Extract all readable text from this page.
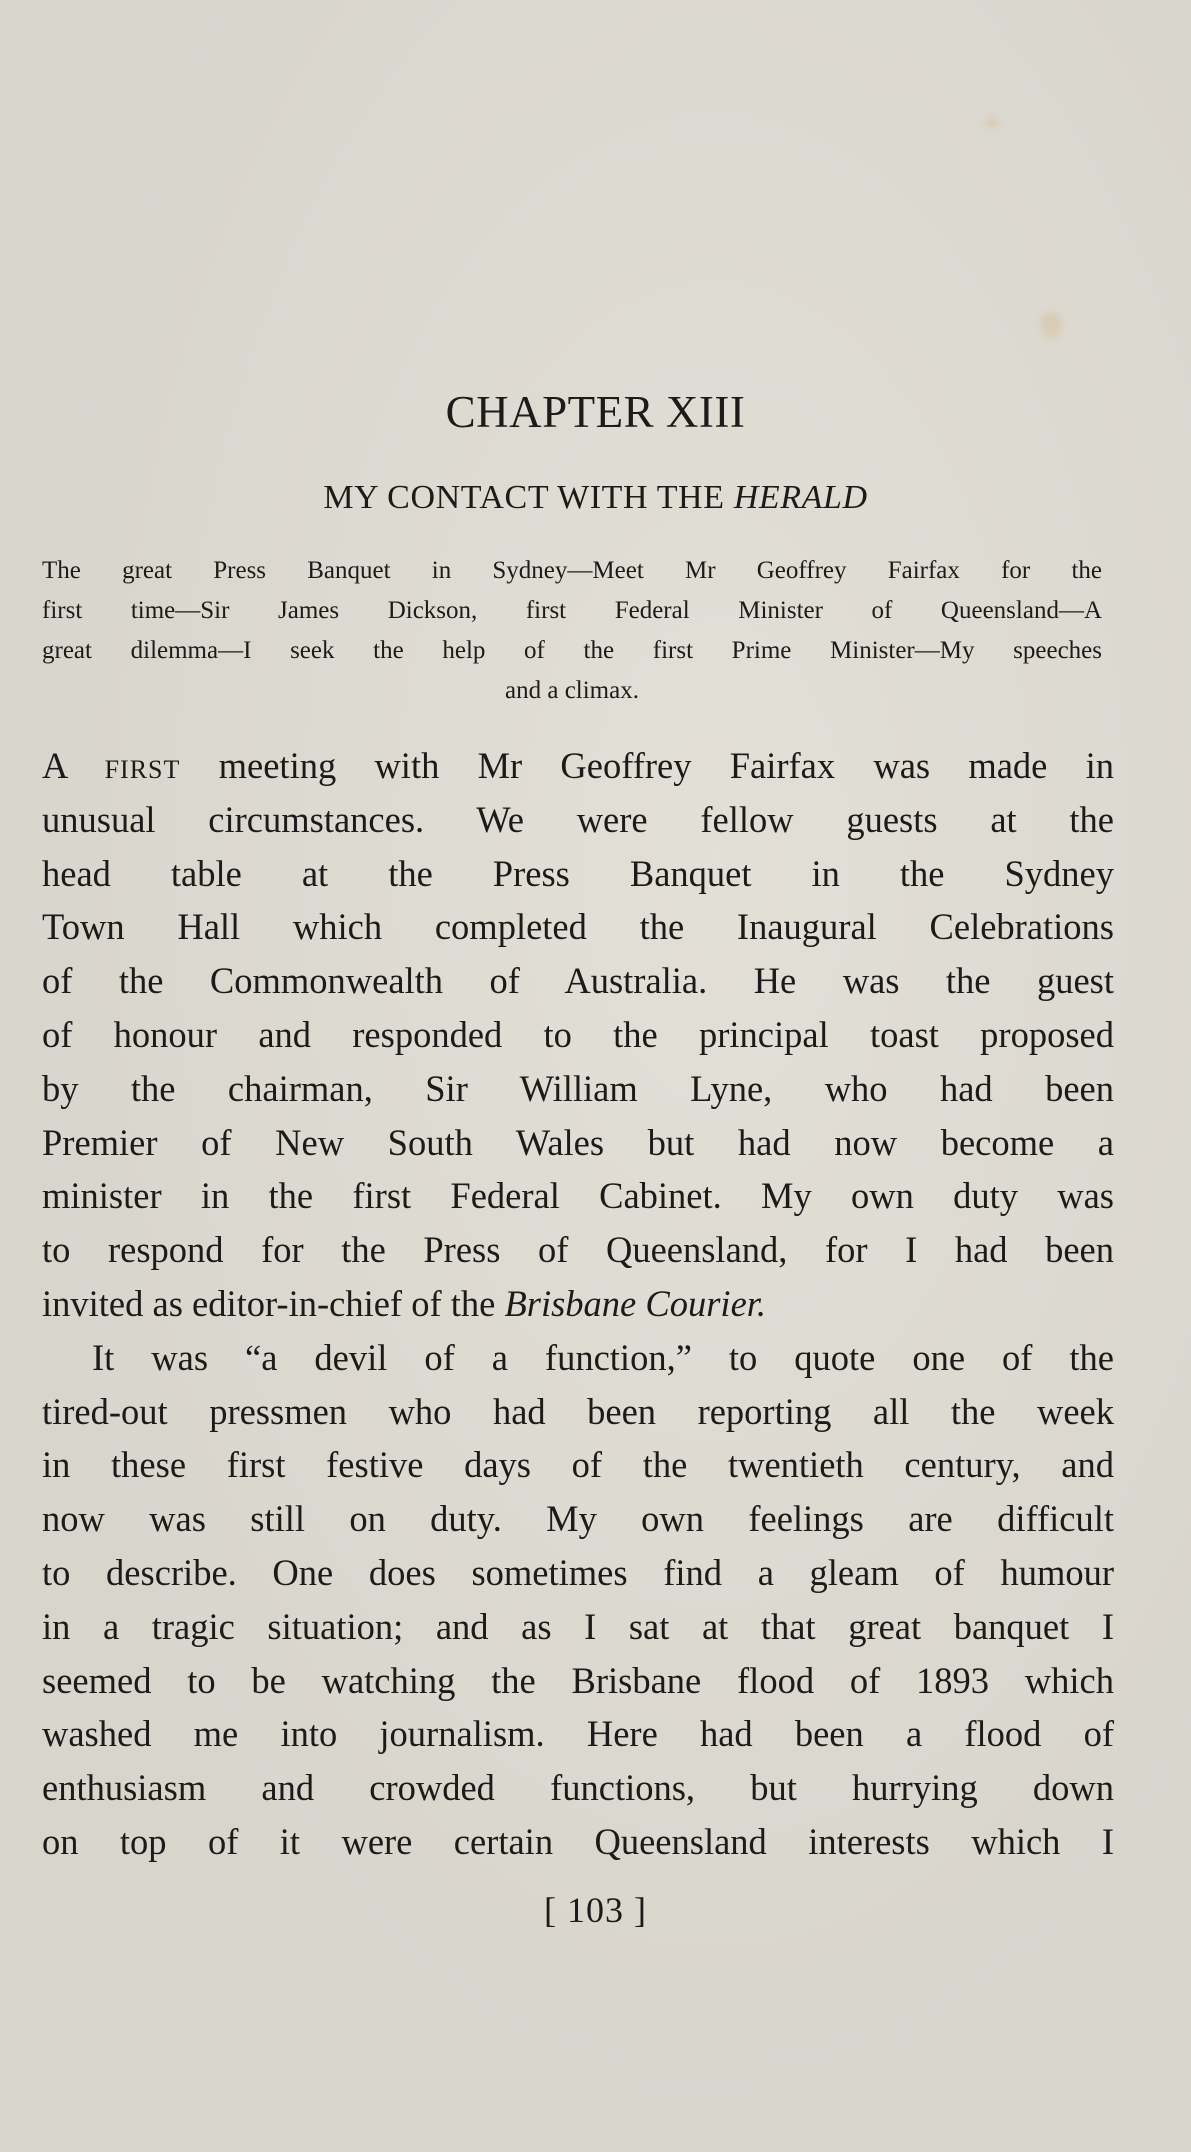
CHAPTER XIII
MY CONTACT WITH THE HERALD
The great Press Banquet in Sydney—Meet Mr Geoffrey Fairfax for the
first time—Sir James Dickson, first Federal Minister of Queensland—A
great dilemma—I seek the help of the first Prime Minister—My speeches
and a climax.
A first meeting with Mr Geoffrey Fairfax was made in
unusual circumstances. We were fellow guests at the
head table at the Press Banquet in the Sydney
Town Hall which completed the Inaugural Celebrations
of the Commonwealth of Australia. He was the guest
of honour and responded to the principal toast proposed
by the chairman, Sir William Lyne, who had been
Premier of New South Wales but had now become a
minister in the first Federal Cabinet. My own duty was
to respond for the Press of Queensland, for I had been
invited as editor-in-chief of the Brisbane Courier.
It was “a devil of a function,” to quote one of the
tired-out pressmen who had been reporting all the week
in these first festive days of the twentieth century, and
now was still on duty. My own feelings are difficult
to describe. One does sometimes find a gleam of humour
in a tragic situation; and as I sat at that great banquet I
seemed to be watching the Brisbane flood of 1893 which
washed me into journalism. Here had been a flood of
enthusiasm and crowded functions, but hurrying down
on top of it were certain Queensland interests which I
[ 103 ]
